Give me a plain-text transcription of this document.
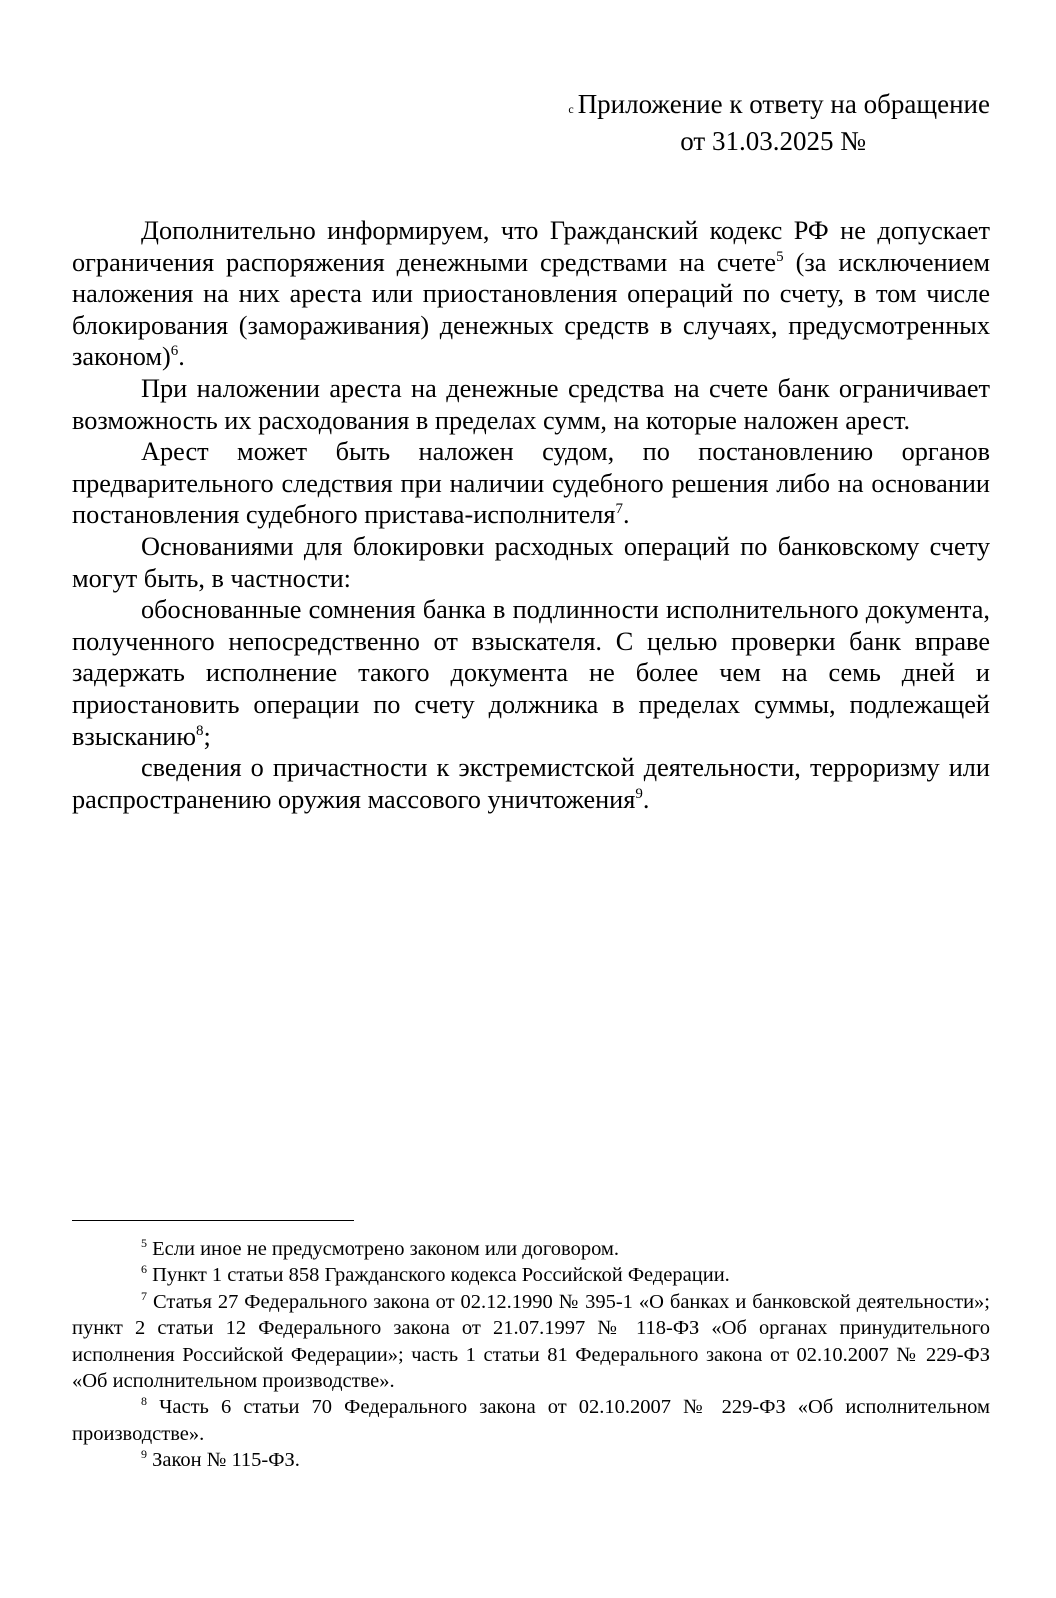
с Приложение к ответу на обращение
от 31.03.2025 №

Дополнительно информируем, что Гражданский кодекс РФ не допускает ограничения распоряжения денежными средствами на счете$^5$ (за исключением наложения на них ареста или приостановления операций по счету, в том числе блокирования (замораживания) денежных средств в случаях, предусмотренных законом)$^6$.

При наложении ареста на денежные средства на счете банк ограничивает возможность их расходования в пределах сумм, на которые наложен арест.

Арест может быть наложен судом, по постановлению органов предварительного следствия при наличии судебного решения либо на основании постановления судебного пристава-исполнителя$^7$.

Основаниями для блокировки расходных операций по банковскому счету могут быть, в частности:

обоснованные сомнения банка в подлинности исполнительного документа, полученного непосредственно от взыскателя. С целью проверки банк вправе задержать исполнение такого документа не более чем на семь дней и приостановить операции по счету должника в пределах суммы, подлежащей взысканию$^8$;

сведения о причастности к экстремистской деятельности, терроризму или распространению оружия массового уничтожения$^9$.

$^5$ Если иное не предусмотрено законом или договором.

$^6$ Пункт 1 статьи 858 Гражданского кодекса Российской Федерации.

$^7$ Статья 27 Федерального закона от 02.12.1990 № 395-1 «О банках и банковской деятельности»; пункт 2 статьи 12 Федерального закона от 21.07.1997 № 118-ФЗ «Об органах принудительного исполнения Российской Федерации»; часть 1 статьи 81 Федерального закона от 02.10.2007 № 229-ФЗ «Об исполнительном производстве».

$^8$ Часть 6 статьи 70 Федерального закона от 02.10.2007 № 229-ФЗ «Об исполнительном производстве».

$^9$ Закон № 115-ФЗ.
